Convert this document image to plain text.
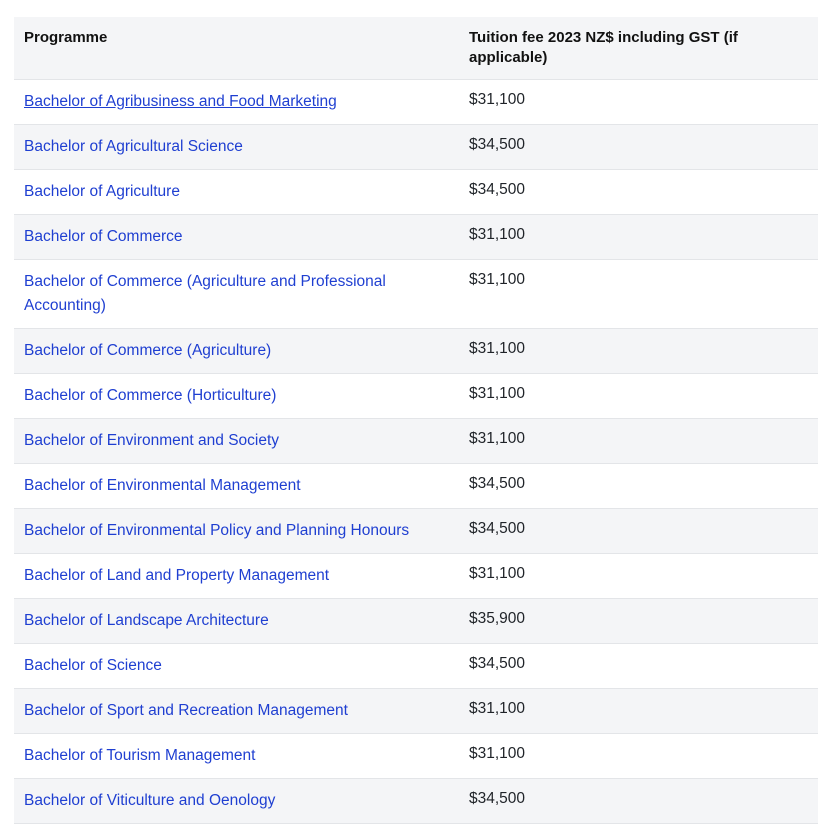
Programme	Tuition fee 2023 NZ$ including GST (if applicable)
Bachelor of Agribusiness and Food Marketing	$31,100
Bachelor of Agricultural Science	$34,500
Bachelor of Agriculture	$34,500
Bachelor of Commerce	$31,100
Bachelor of Commerce (Agriculture and Professional Accounting)	$31,100
Bachelor of Commerce (Agriculture)	$31,100
Bachelor of Commerce (Horticulture)	$31,100
Bachelor of Environment and Society	$31,100
Bachelor of Environmental Management	$34,500
Bachelor of Environmental Policy and Planning Honours	$34,500
Bachelor of Land and Property Management	$31,100
Bachelor of Landscape Architecture	$35,900
Bachelor of Science	$34,500
Bachelor of Sport and Recreation Management	$31,100
Bachelor of Tourism Management	$31,100
Bachelor of Viticulture and Oenology	$34,500
